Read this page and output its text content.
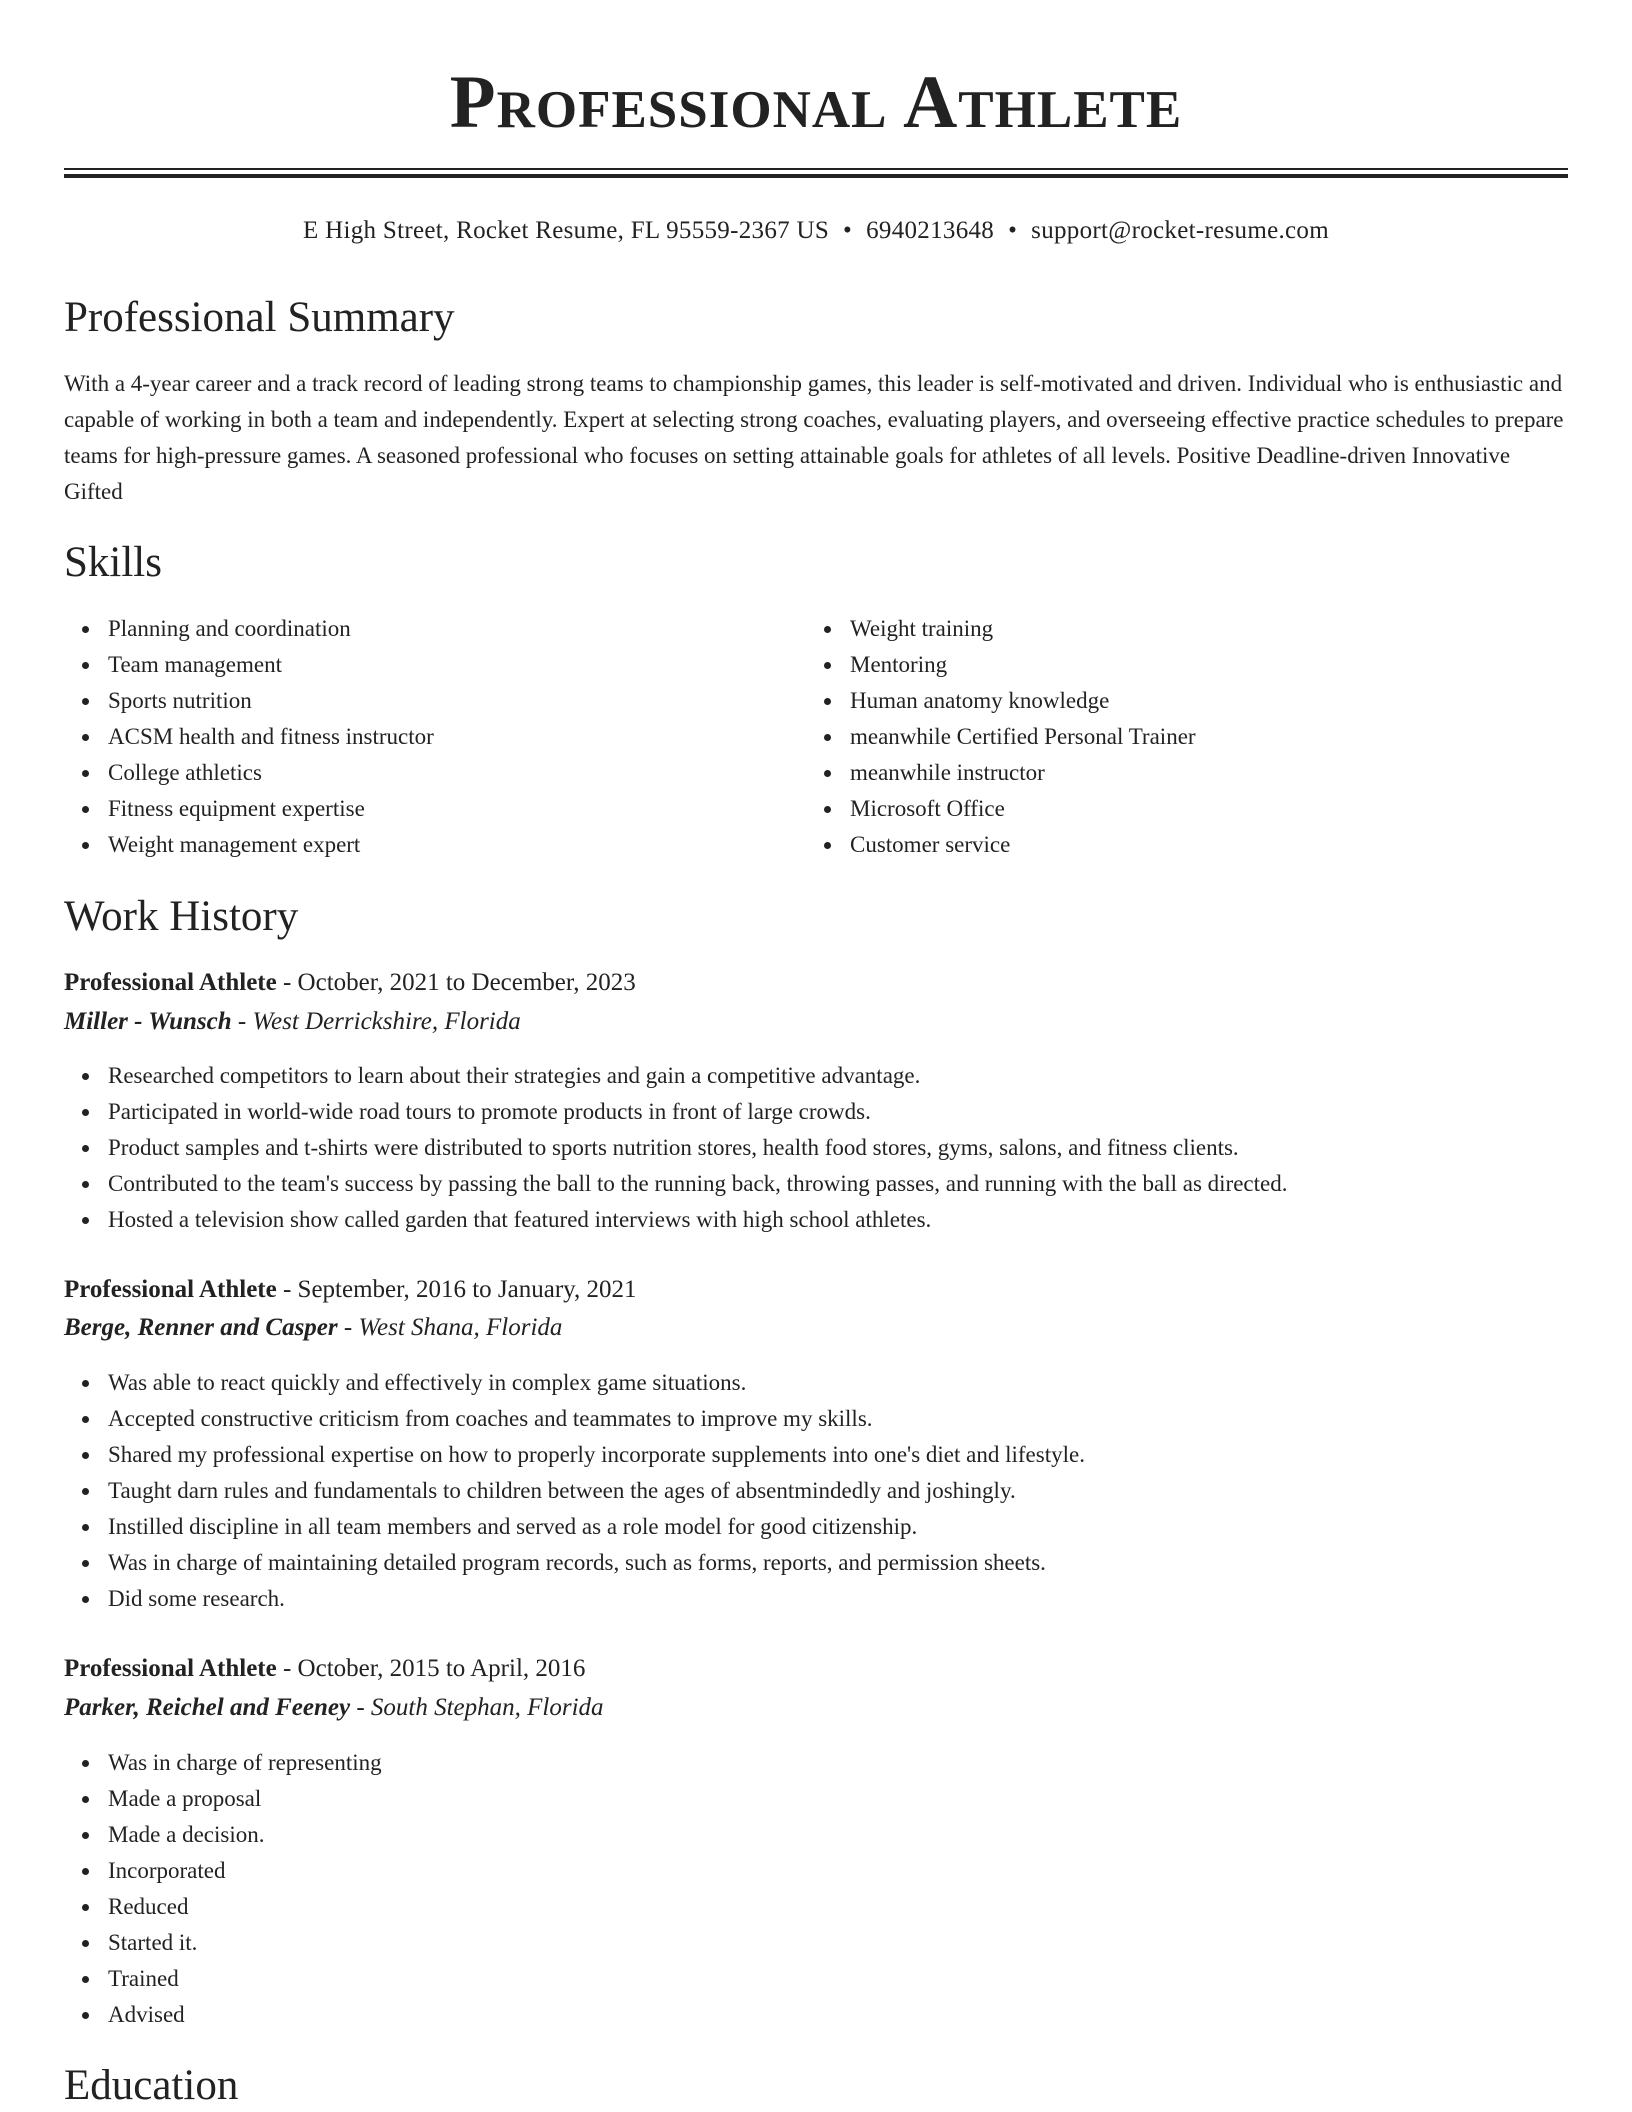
Professional Athlete
E High Street, Rocket Resume, FL 95559-2367 US • 6940213648 • support@rocket-resume.com
Professional Summary

With a 4-year career and a track record of leading strong teams to championship games, this leader is self-motivated and driven. Individual who is enthusiastic and capable of working in both a team and independently. Expert at selecting strong coaches, evaluating players, and overseeing effective practice schedules to prepare teams for high-pressure games. A seasoned professional who focuses on setting attainable goals for athletes of all levels. Positive Deadline-driven Innovative Gifted

Skills
Planning and coordination
Team management
Sports nutrition
ACSM health and fitness instructor
College athletics
Fitness equipment expertise
Weight management expert
Weight training
Mentoring
Human anatomy knowledge
meanwhile Certified Personal Trainer
meanwhile instructor
Microsoft Office
Customer service
Work History
Professional Athlete - October, 2021 to December, 2023
Miller - Wunsch - West Derrickshire, Florida
Researched competitors to learn about their strategies and gain a competitive advantage.
Participated in world-wide road tours to promote products in front of large crowds.
Product samples and t-shirts were distributed to sports nutrition stores, health food stores, gyms, salons, and fitness clients.
Contributed to the team's success by passing the ball to the running back, throwing passes, and running with the ball as directed.
Hosted a television show called garden that featured interviews with high school athletes.
Professional Athlete - September, 2016 to January, 2021
Berge, Renner and Casper - West Shana, Florida
Was able to react quickly and effectively in complex game situations.
Accepted constructive criticism from coaches and teammates to improve my skills.
Shared my professional expertise on how to properly incorporate supplements into one's diet and lifestyle.
Taught darn rules and fundamentals to children between the ages of absentmindedly and joshingly.
Instilled discipline in all team members and served as a role model for good citizenship.
Was in charge of maintaining detailed program records, such as forms, reports, and permission sheets.
Did some research.
Professional Athlete - October, 2015 to April, 2016
Parker, Reichel and Feeney - South Stephan, Florida
Was in charge of representing
Made a proposal
Made a decision.
Incorporated
Reduced
Started it.
Trained
Advised
Education
